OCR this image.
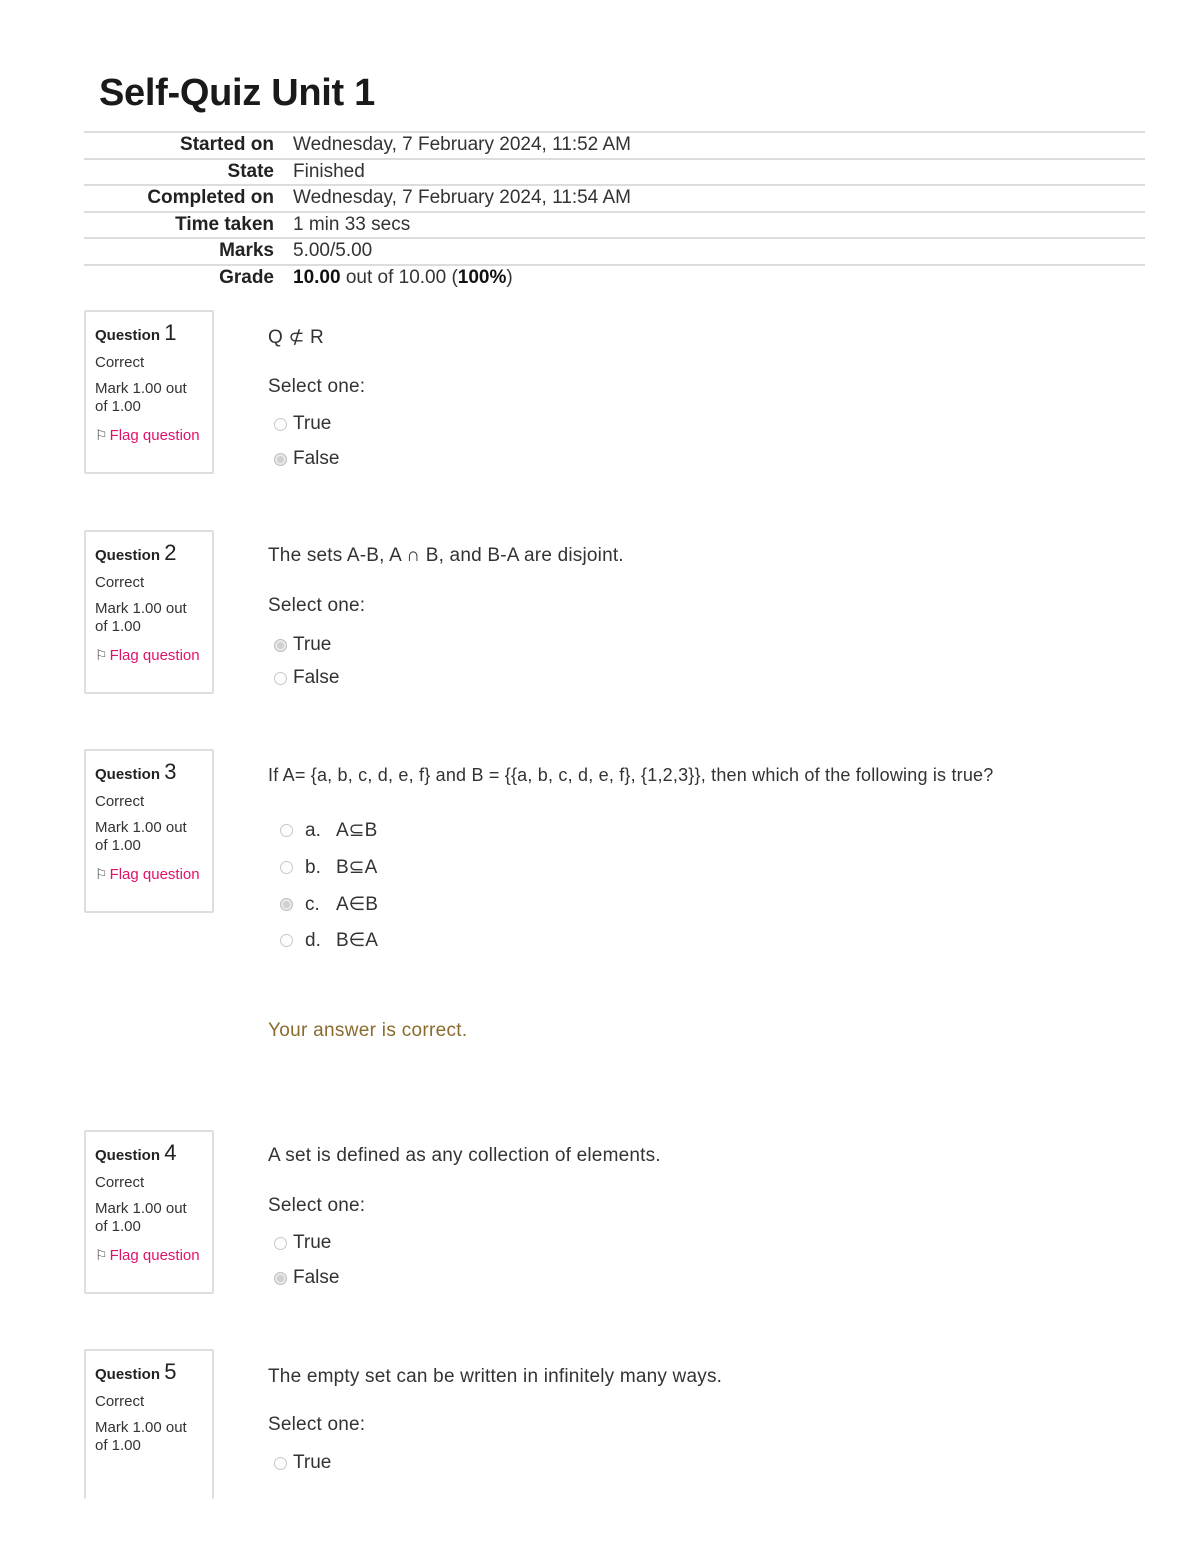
Self-Quiz Unit 1
Started on	Wednesday, 7 February 2024, 11:52 AM
State	Finished
Completed on	Wednesday, 7 February 2024, 11:54 AM
Time taken	1 min 33 secs
Marks	5.00/5.00
Grade	10.00 out of 10.00 (100%)
Question 1
Correct
Mark 1.00 out of 1.00
⚐ Flag question
Q ⊄ R
Select one:
True
False
Question 2
Correct
Mark 1.00 out of 1.00
⚐ Flag question
The sets A-B, A ∩ B, and B-A are disjoint.
Select one:
True
False
Question 3
Correct
Mark 1.00 out of 1.00
⚐ Flag question
If A= {a, b, c, d, e, f} and B = {{a, b, c, d, e, f}, {1,2,3}}, then which of the following is true?
a. A⊆B
b. B⊆A
c. A∈B
d. B∈A
Your answer is correct.
Question 4
Correct
Mark 1.00 out of 1.00
⚐ Flag question
A set is defined as any collection of elements.
Select one:
True
False
Question 5
Correct
Mark 1.00 out of 1.00
The empty set can be written in infinitely many ways.
Select one:
True
